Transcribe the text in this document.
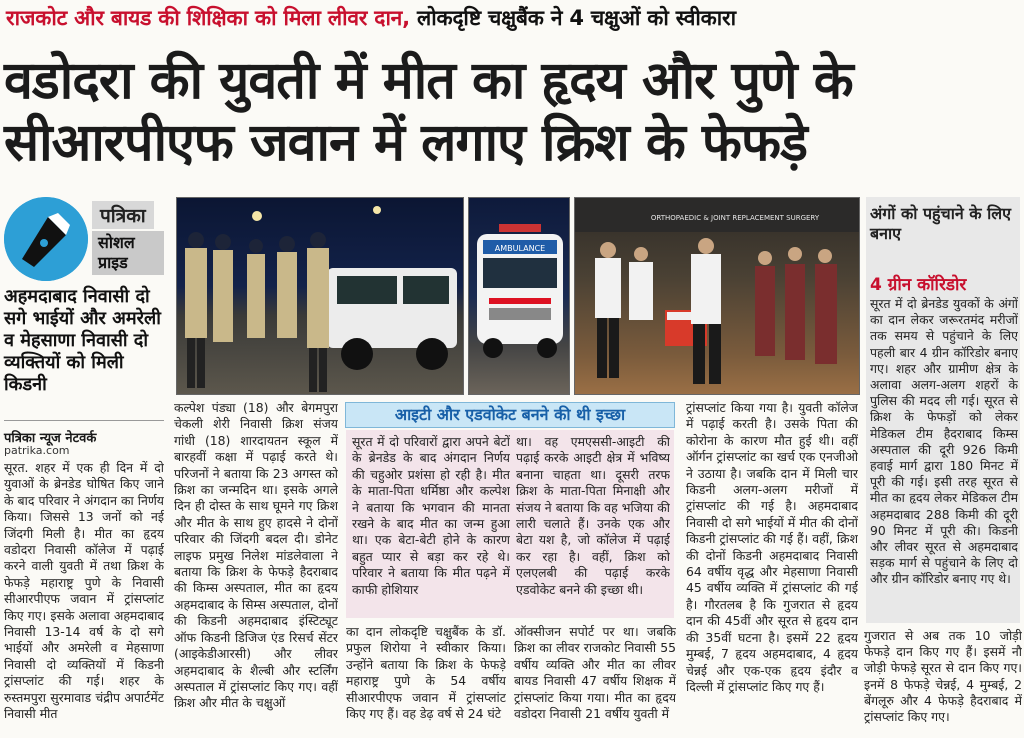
राजकोट और बायड की शिक्षिका को मिला लीवर दान, लोकदृष्टि चक्षुबैंक ने 4 चक्षुओं को स्वीकारा
वडोदरा की युवती में मीत का हृदय और पुणे के
सीआरपीएफ जवान में लगाए क्रिश के फेफड़े
पत्रिका
सोशल प्राइड
अहमदाबाद निवासी दो सगे भाईयों और अमरेली व मेहसाणा निवासी दो व्यक्तियों को मिली किडनी
पत्रिका न्यूज नेटवर्क
patrika.com
सूरत. शहर में एक ही दिन में दो युवाओं के ब्रेनडेड घोषित किए जाने के बाद परिवार ने अंगदान का निर्णय किया। जिससे 13 जनों को नई जिंदगी मिली है। मीत का हृदय वडोदरा निवासी कॉलेज में पढ़ाई करने वाली युवती में तथा क्रिश के फेफड़े महाराष्ट्र पुणे के निवासी सीआरपीएफ जवान में ट्रांसप्लांट किए गए। इसके अलावा अहमदाबाद निवासी 13-14 वर्ष के दो सगे भाईयों और अमरेली व मेहसाणा निवासी दो व्यक्तियों में किडनी ट्रांसप्लांट की गई। शहर के रुस्तमपुरा सुरमावाड चंद्रीप अपार्टमेंट निवासी मीत
कल्पेश पंड्या (18) और बेगमपुरा चेकली शेरी निवासी क्रिश संजय गांधी (18) शारदायतन स्कूल में बारहवीं कक्षा में पढ़ाई करते थे। परिजनों ने बताया कि 23 अगस्त को क्रिश का जन्मदिन था। इसके अगले दिन ही दोस्त के साथ घूमने गए क्रिश और मीत के साथ हुए हादसे ने दोनों परिवार की जिंदगी बदल दी। डोनेट लाइफ प्रमुख निलेश मांडलेवाला ने बताया कि क्रिश के फेफड़े हैदराबाद की किम्स अस्पताल, मीत का हृदय अहमदाबाद के सिम्स अस्पताल, दोनों की किडनी अहमदाबाद इंस्टिट्यूट ऑफ किडनी डिजिज एंड रिसर्च सेंटर (आइकेडीआरसी) और लीवर अहमदाबाद के शैल्बी और स्टर्लिंग अस्पताल में ट्रांसप्लांट किए गए। वहीं क्रिश और मीत के चक्षुओं
AMBULANCE
ORTHOPAEDIC & JOINT REPLACEMENT SURGERY
आइटी और एडवोकेट बनने की थी इच्छा
सूरत में दो परिवारों द्वारा अपने बेटों के ब्रेनडेड के बाद अंगदान निर्णय की चहुओर प्रशंसा हो रही है। मीत के माता-पिता धर्मिष्ठा और कल्पेश ने बताया कि भगवान की मानता रखने के बाद मीत का जन्म हुआ था। एक बेटा-बेटी होने के कारण बहुत प्यार से बड़ा कर रहे थे। परिवार ने बताया कि मीत पढ़ने में काफी होशियार
था। वह एमएससी-आइटी की पढ़ाई करके आइटी क्षेत्र में भविष्य बनाना चाहता था। दूसरी तरफ क्रिश के माता-पिता मिनाक्षी और संजय ने बताया कि वह भजिया की लारी चलाते हैं। उनके एक और बेटा यश है, जो कॉलेज में पढ़ाई कर रहा है। वहीं, क्रिश को एलएलबी की पढ़ाई करके एडवोकेट बनने की इच्छा थी।
का दान लोकदृष्टि चक्षुबैंक के डॉ. प्रफुल शिरोया ने स्वीकार किया। उन्होंने बताया कि क्रिश के फेफड़े महाराष्ट्र पुणे के 54 वर्षीय सीआरपीएफ जवान में ट्रांसप्लांट किए गए हैं। वह डेढ़ वर्ष से 24 घंटे
ऑक्सीजन सपोर्ट पर था। जबकि क्रिश का लीवर राजकोट निवासी 55 वर्षीय व्यक्ति और मीत का लीवर बायड निवासी 47 वर्षीय शिक्षक में ट्रांसप्लांट किया गया। मीत का हृदय वडोदरा निवासी 21 वर्षीय युवती में
ट्रांसप्लांट किया गया है। युवती कॉलेज में पढ़ाई करती है। उसके पिता की कोरोना के कारण मौत हुई थी। वहीं ऑर्गन ट्रांसप्लांट का खर्च एक एनजीओ ने उठाया है। जबकि दान में मिली चार किडनी अलग-अलग मरीजों में ट्रांसप्लांट की गई है। अहमदाबाद निवासी दो सगे भाईयों में मीत की दोनों किडनी ट्रांसप्लांट की गई हैं। वहीं, क्रिश की दोनों किडनी अहमदाबाद निवासी 64 वर्षीय वृद्ध और मेहसाणा निवासी 45 वर्षीय व्यक्ति में ट्रांसप्लांट की गई है। गौरतलब है कि गुजरात से हृदय दान की 45वीं और सूरत से हृदय दान की 35वीं घटना है। इसमें 22 हृदय मुम्बई, 7 हृदय अहमदाबाद, 4 हृदय चेन्नई और एक-एक हृदय इंदौर व दिल्ली में ट्रांसप्लांट किए गए हैं।
अंगों को पहुंचाने के लिए बनाए
4 ग्रीन कॉरिडोर
सूरत में दो ब्रेनडेड युवकों के अंगों का दान लेकर जरूरतमंद मरीजों तक समय से पहुंचाने के लिए पहली बार 4 ग्रीन कॉरिडोर बनाए गए। शहर और ग्रामीण क्षेत्र के अलावा अलग-अलग शहरों के पुलिस की मदद ली गई। सूरत से क्रिश के फेफड़ों को लेकर मेडिकल टीम हैदराबाद किम्स अस्पताल की दूरी 926 किमी हवाई मार्ग द्वारा 180 मिनट में पूरी की गई। इसी तरह सूरत से मीत का हृदय लेकर मेडिकल टीम अहमदाबाद 288 किमी की दूरी 90 मिनट में पूरी की। किडनी और लीवर सूरत से अहमदाबाद सड़क मार्ग से पहुंचाने के लिए दो और ग्रीन कॉरिडोर बनाए गए थे।
गुजरात से अब तक 10 जोड़ी फेफड़े दान किए गए हैं। इसमें नौ जोड़ी फेफड़े सूरत से दान किए गए। इनमें 8 फेफड़े चेन्नई, 4 मुम्बई, 2 बेंगलूरु और 4 फेफड़े हैदराबाद में ट्रांसप्लांट किए गए।
